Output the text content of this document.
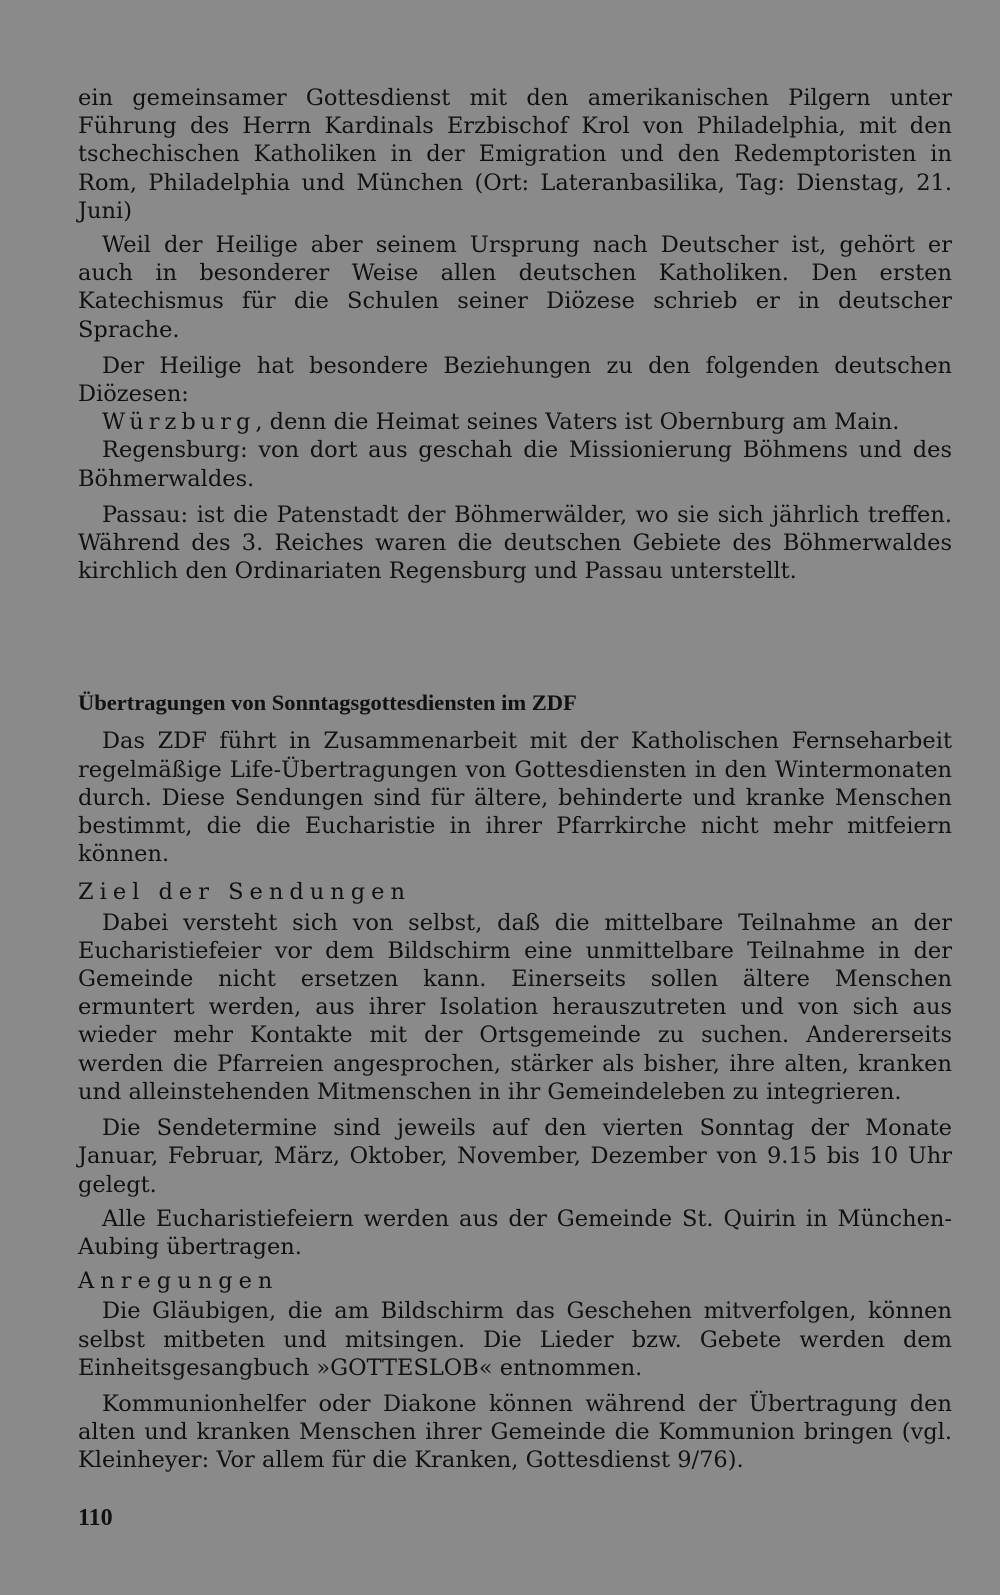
ein gemeinsamer Gottesdienst mit den amerikanischen Pilgern unter Führung des Herrn Kardinals Erzbischof Krol von Philadelphia, mit den tschechischen Katholiken in der Emigration und den Redemptoristen in Rom, Philadelphia und München (Ort: Lateranbasilika, Tag: Dienstag, 21. Juni)

Weil der Heilige aber seinem Ursprung nach Deutscher ist, gehört er auch in besonderer Weise allen deutschen Katholiken. Den ersten Katechismus für die Schulen seiner Diözese schrieb er in deutscher Sprache.

Der Heilige hat besondere Beziehungen zu den folgenden deutschen Diözesen:

Würzburg, denn die Heimat seines Vaters ist Obernburg am Main.

Regensburg: von dort aus geschah die Missionierung Böhmens und des Böhmerwaldes.

Passau: ist die Patenstadt der Böhmerwälder, wo sie sich jährlich treffen. Während des 3. Reiches waren die deutschen Gebiete des Böhmerwaldes kirchlich den Ordinariaten Regensburg und Passau unterstellt.

Übertragungen von Sonntagsgottesdiensten im ZDF

Das ZDF führt in Zusammenarbeit mit der Katholischen Fernseharbeit regelmäßige Life-Übertragungen von Gottesdiensten in den Wintermonaten durch. Diese Sendungen sind für ältere, behinderte und kranke Menschen bestimmt, die die Eucharistie in ihrer Pfarrkirche nicht mehr mitfeiern können.

Ziel der Sendungen

Dabei versteht sich von selbst, daß die mittelbare Teilnahme an der Eucharistiefeier vor dem Bildschirm eine unmittelbare Teilnahme in der Gemeinde nicht ersetzen kann. Einerseits sollen ältere Menschen ermuntert werden, aus ihrer Isolation herauszutreten und von sich aus wieder mehr Kontakte mit der Ortsgemeinde zu suchen. Andererseits werden die Pfarreien angesprochen, stärker als bisher, ihre alten, kranken und alleinstehenden Mitmenschen in ihr Gemeindeleben zu integrieren.

Die Sendetermine sind jeweils auf den vierten Sonntag der Monate Januar, Februar, März, Oktober, November, Dezember von 9.15 bis 10 Uhr gelegt.

Alle Eucharistiefeiern werden aus der Gemeinde St. Quirin in München-Aubing übertragen.

Anregungen

Die Gläubigen, die am Bildschirm das Geschehen mitverfolgen, können selbst mitbeten und mitsingen. Die Lieder bzw. Gebete werden dem Einheitsgesangbuch »GOTTESLOB« entnommen.

Kommunionhelfer oder Diakone können während der Übertragung den alten und kranken Menschen ihrer Gemeinde die Kommunion bringen (vgl. Kleinheyer: Vor allem für die Kranken, Gottesdienst 9/76).

110
